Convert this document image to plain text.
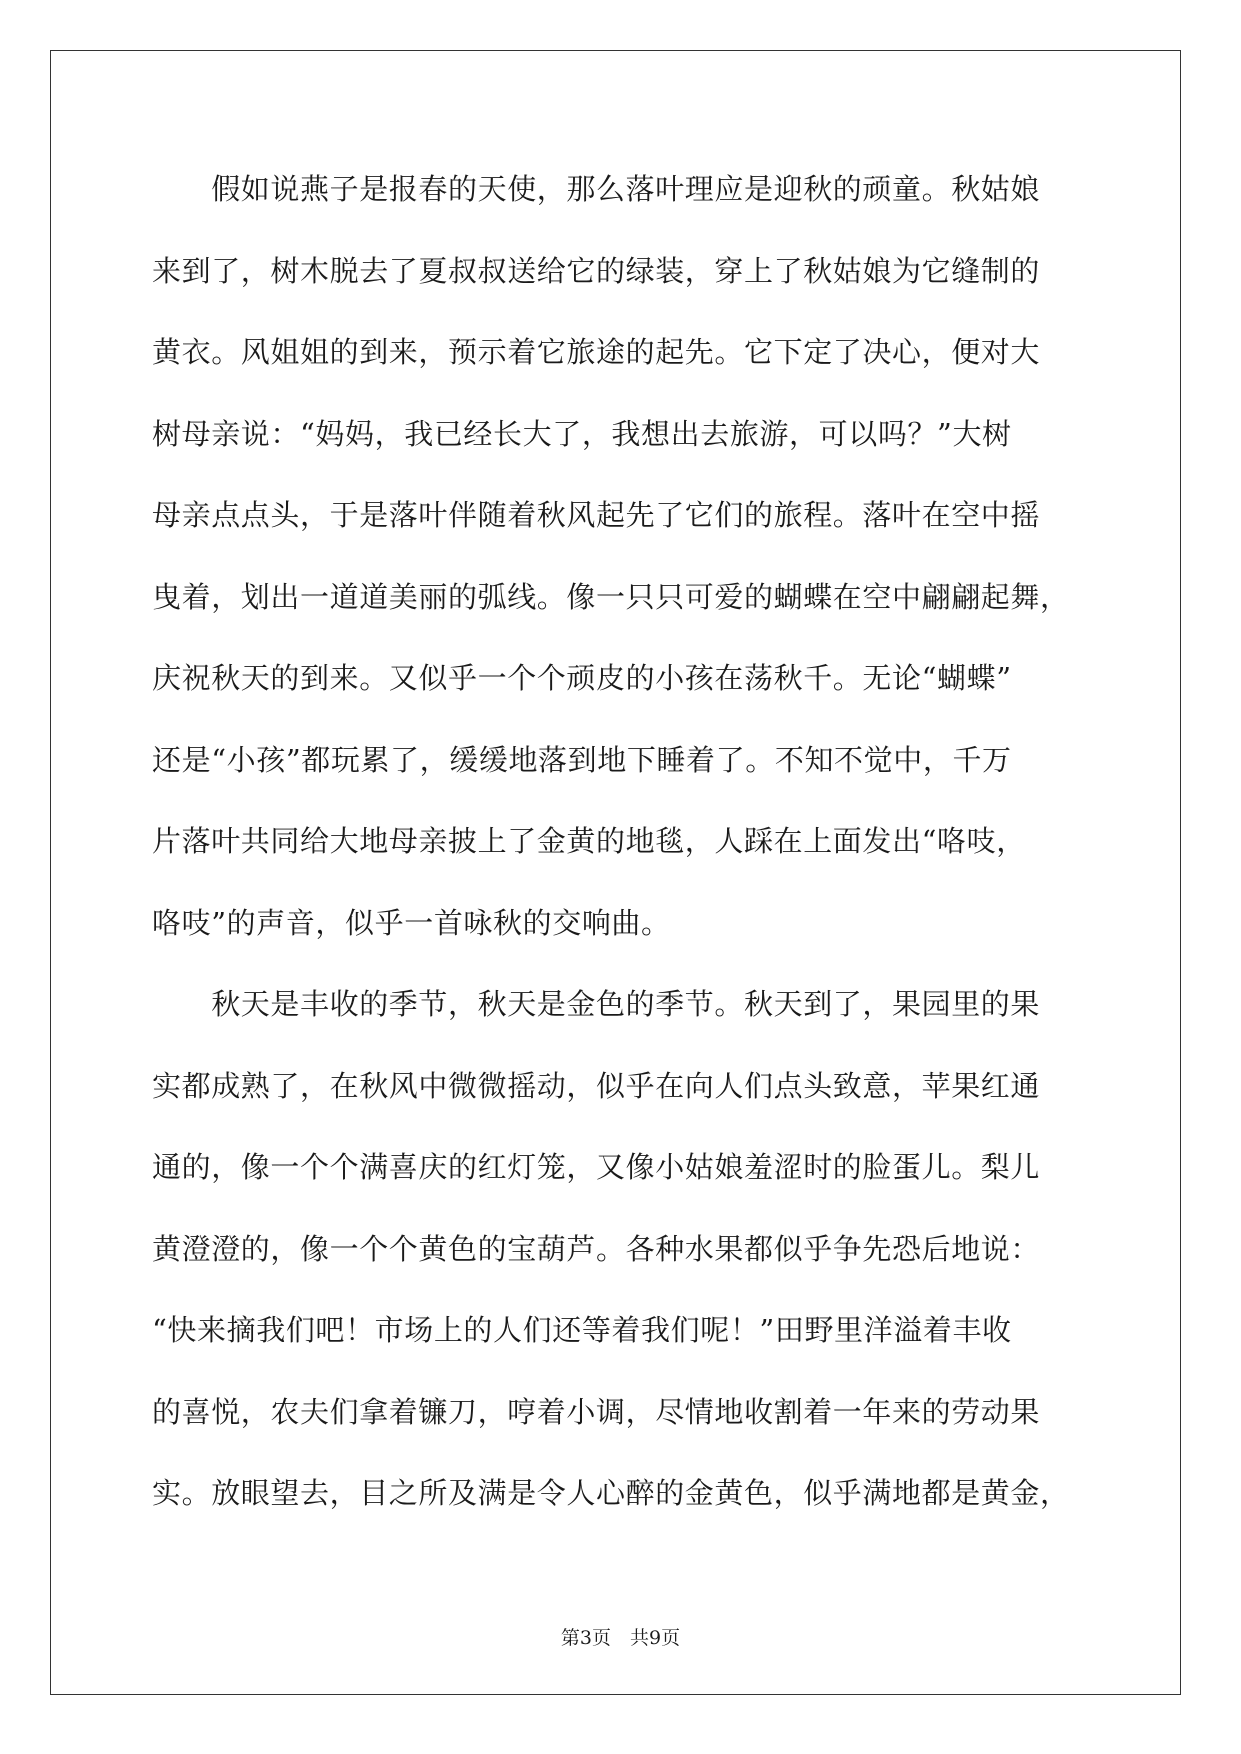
　　假如说燕子是报春的天使，那么落叶理应是迎秋的顽童。秋姑娘
来到了，树木脱去了夏叔叔送给它的绿装，穿上了秋姑娘为它缝制的
黄衣。风姐姐的到来，预示着它旅途的起先。它下定了决心，便对大
树母亲说：“妈妈，我已经长大了，我想出去旅游，可以吗？”大树
母亲点点头，于是落叶伴随着秋风起先了它们的旅程。落叶在空中摇
曳着，划出一道道美丽的弧线。像一只只可爱的蝴蝶在空中翩翩起舞，
庆祝秋天的到来。又似乎一个个顽皮的小孩在荡秋千。无论“蝴蝶”
还是“小孩”都玩累了，缓缓地落到地下睡着了。不知不觉中，千万
片落叶共同给大地母亲披上了金黄的地毯，人踩在上面发出“咯吱，
咯吱”的声音，似乎一首咏秋的交响曲。
　　秋天是丰收的季节，秋天是金色的季节。秋天到了，果园里的果
实都成熟了，在秋风中微微摇动，似乎在向人们点头致意，苹果红通
通的，像一个个满喜庆的红灯笼，又像小姑娘羞涩时的脸蛋儿。梨儿
黄澄澄的，像一个个黄色的宝葫芦。各种水果都似乎争先恐后地说：
“快来摘我们吧！市场上的人们还等着我们呢！”田野里洋溢着丰收
的喜悦，农夫们拿着镰刀，哼着小调，尽情地收割着一年来的劳动果
实。放眼望去，目之所及满是令人心醉的金黄色，似乎满地都是黄金，
第3页　共9页
